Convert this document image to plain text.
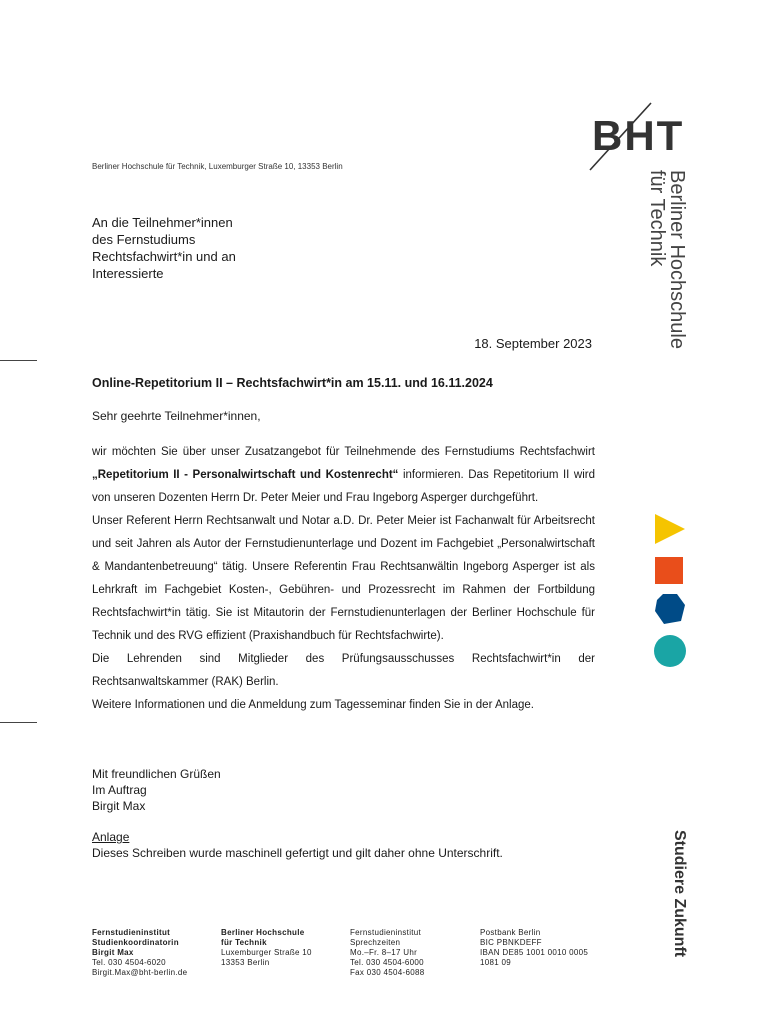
BHT
Berliner Hochschule
für Technik
Berliner Hochschule für Technik, Luxemburger Straße 10, 13353 Berlin
An die Teilnehmer*innen
des Fernstudiums
Rechtsfachwirt*in und an
Interessierte
18. September 2023
Online-Repetitorium II – Rechtsfachwirt*in am 15.11. und 16.11.2024
Sehr geehrte Teilnehmer*innen,

wir möchten Sie über unser Zusatzangebot für Teilnehmende des Fernstudiums Rechtsfachwirt „Repetitorium II - Personalwirtschaft und Kostenrecht“ informieren. Das Repetitorium II wird von unseren Dozenten Herrn Dr. Peter Meier und Frau Ingeborg Asperger durchgeführt.

Unser Referent Herrn Rechtsanwalt und Notar a.D. Dr. Peter Meier ist Fachanwalt für Arbeitsrecht und seit Jahren als Autor der Fernstudienunterlage und Dozent im Fachgebiet „Personalwirtschaft & Mandantenbetreuung“ tätig. Unsere Referentin Frau Rechtsanwältin Ingeborg Asperger ist als Lehrkraft im Fachgebiet Kosten-, Gebühren- und Prozessrecht im Rahmen der Fortbildung Rechtsfachwirt*in tätig. Sie ist Mitautorin der Fernstudienunterlagen der Berliner Hochschule für Technik und des RVG effizient (Praxishandbuch für Rechtsfachwirte).

Die Lehrenden sind Mitglieder des Prüfungsausschusses Rechtsfachwirt*in der Rechtsanwaltskammer (RAK) Berlin.

Weitere Informationen und die Anmeldung zum Tagesseminar finden Sie in der Anlage.

Mit freundlichen Grüßen
Im Auftrag
Birgit Max
Anlage
Dieses Schreiben wurde maschinell gefertigt und gilt daher ohne Unterschrift.	Studiere Zukunft
Fernstudieninstitut
Studienkoordinatorin
Birgit Max
Tel. 030 4504-6020
Birgit.Max@bht-berlin.de
Berliner Hochschule
für Technik
Luxemburger Straße 10
13353 Berlin
Fernstudieninstitut
Sprechzeiten
Mo.–Fr. 8–17 Uhr
Tel. 030 4504-6000
Fax 030 4504-6088
Postbank Berlin
BIC PBNKDEFF
IBAN DE85 1001 0010 0005
1081 09
